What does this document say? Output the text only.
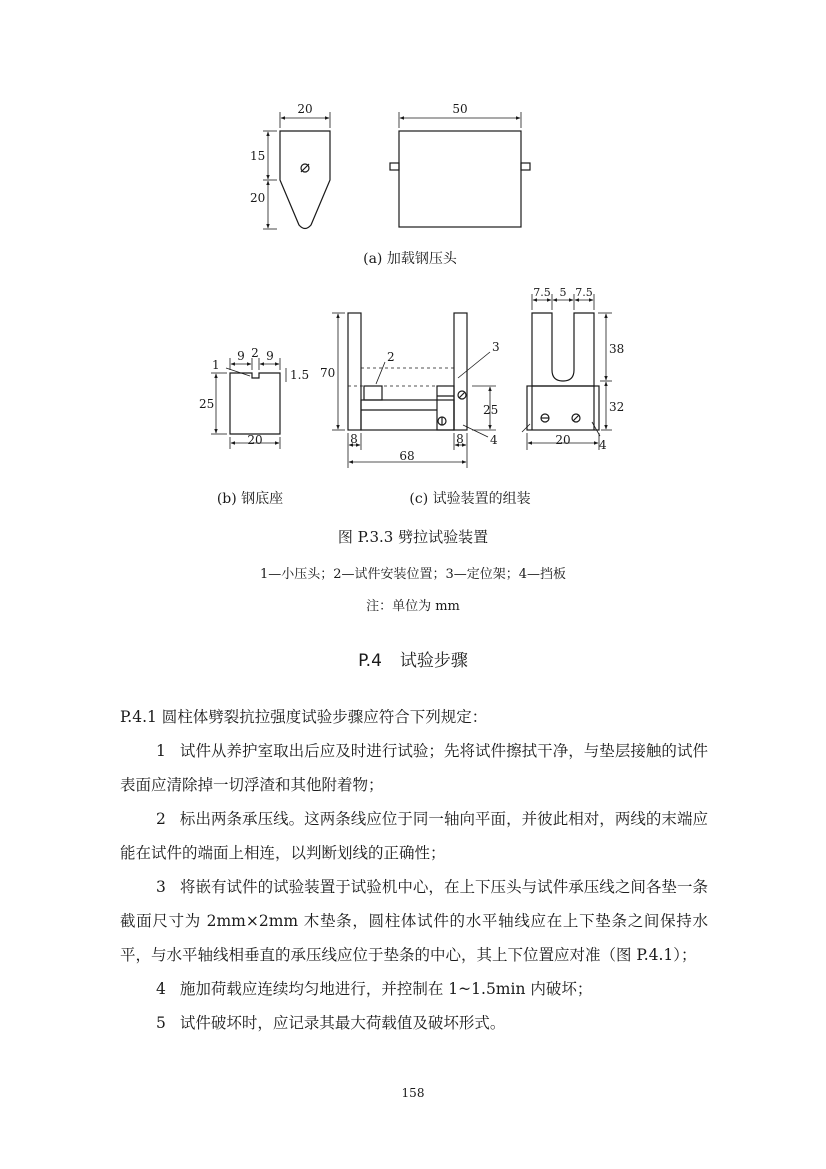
20
15
20
50
9 2 9
1.5
25
20
1
70
25
8	8
68
7.5 5 7.5
38
32
20
2
3
4	4
(a) 加载钢压头
(b) 钢底座	(c) 试验装置的组装
图 P.3.3 劈拉试验装置
1—小压头；2—试件安装位置；3—定位架；4—挡板
注：单位为 mm
P.4 试验步骤

P.4.1 圆柱体劈裂抗拉强度试验步骤应符合下列规定：

1 试件从养护室取出后应及时进行试验；先将试件擦拭干净，与垫层接触的试件表面应清除掉一切浮渣和其他附着物；
2 标出两条承压线。这两条线应位于同一轴向平面，并彼此相对，两线的末端应能在试件的端面上相连，以判断划线的正确性；
3 将嵌有试件的试验装置于试验机中心，在上下压头与试件承压线之间各垫一条截面尺寸为 2mm×2mm 木垫条，圆柱体试件的水平轴线应在上下垫条之间保持水平，与水平轴线相垂直的承压线应位于垫条的中心，其上下位置应对准（图 P.4.1）；
4 施加荷载应连续均匀地进行，并控制在 1~1.5min 内破坏；
5 试件破坏时，应记录其最大荷载值及破坏形式。
158
